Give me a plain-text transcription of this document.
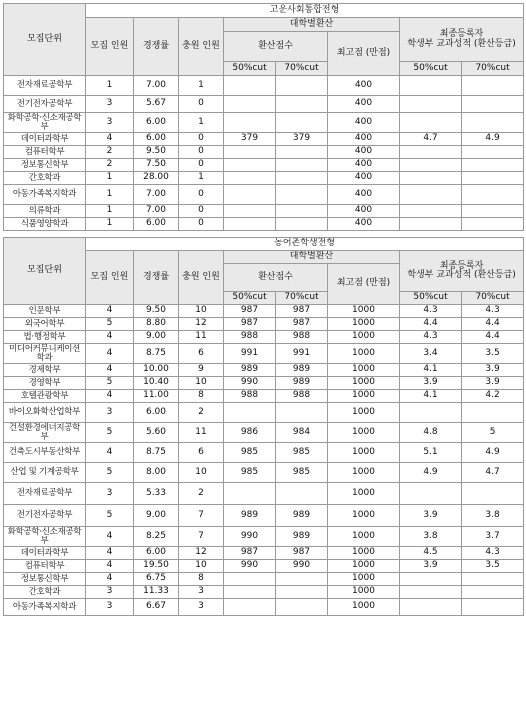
모집단위	고운사회통합전형							
	모집 인원	경쟁률	충원 인원	대학별환산			최종등록자
학생부 교과성적 (환산등급)	
				환산점수		최고점 (만점)		
				50%cut	70%cut		50%cut	70%cut
전자재료공학부	1	7.00	1			400		
전기전자공학부	3	5.67	0			400		
화학공학·신소재공학부	3	6.00	1			400		
데이터과학부	4	6.00	0	379	379	400	4.7	4.9
컴퓨터학부	2	9.50	0			400		
정보통신학부	2	7.50	0			400		
간호학과	1	28.00	1			400		
아동가족복지학과	1	7.00	0			400		
의류학과	1	7.00	0			400		
식품영양학과	1	6.00	0			400		
모집단위	농어촌학생전형							
	모집 인원	경쟁률	충원 인원	대학별환산			최종등록자
학생부 교과성적 (환산등급)	
				환산점수		최고점 (만점)		
				50%cut	70%cut		50%cut	70%cut
인문학부	4	9.50	10	987	987	1000	4.3	4.3
외국어학부	5	8.80	12	987	987	1000	4.4	4.4
법·행정학부	4	9.00	11	988	988	1000	4.3	4.4
미디어커뮤니케이션학과	4	8.75	6	991	991	1000	3.4	3.5
경제학부	4	10.00	9	989	989	1000	4.1	3.9
경영학부	5	10.40	10	990	989	1000	3.9	3.9
호텔관광학부	4	11.00	8	988	988	1000	4.1	4.2
바이오화학산업학부	3	6.00	2			1000		
건설환경에너지공학부	5	5.60	11	986	984	1000	4.8	5
건축도시부동산학부	4	8.75	6	985	985	1000	5.1	4.9
산업 및 기계공학부	5	8.00	10	985	985	1000	4.9	4.7
전자재료공학부	3	5.33	2			1000		
전기전자공학부	5	9.00	7	989	989	1000	3.9	3.8
화학공학·신소재공학부	4	8.25	7	990	989	1000	3.8	3.7
데이터과학부	4	6.00	12	987	987	1000	4.5	4.3
컴퓨터학부	4	19.50	10	990	990	1000	3.9	3.5
정보통신학부	4	6.75	8			1000		
간호학과	3	11.33	3			1000		
아동가족복지학과	3	6.67	3			1000		
